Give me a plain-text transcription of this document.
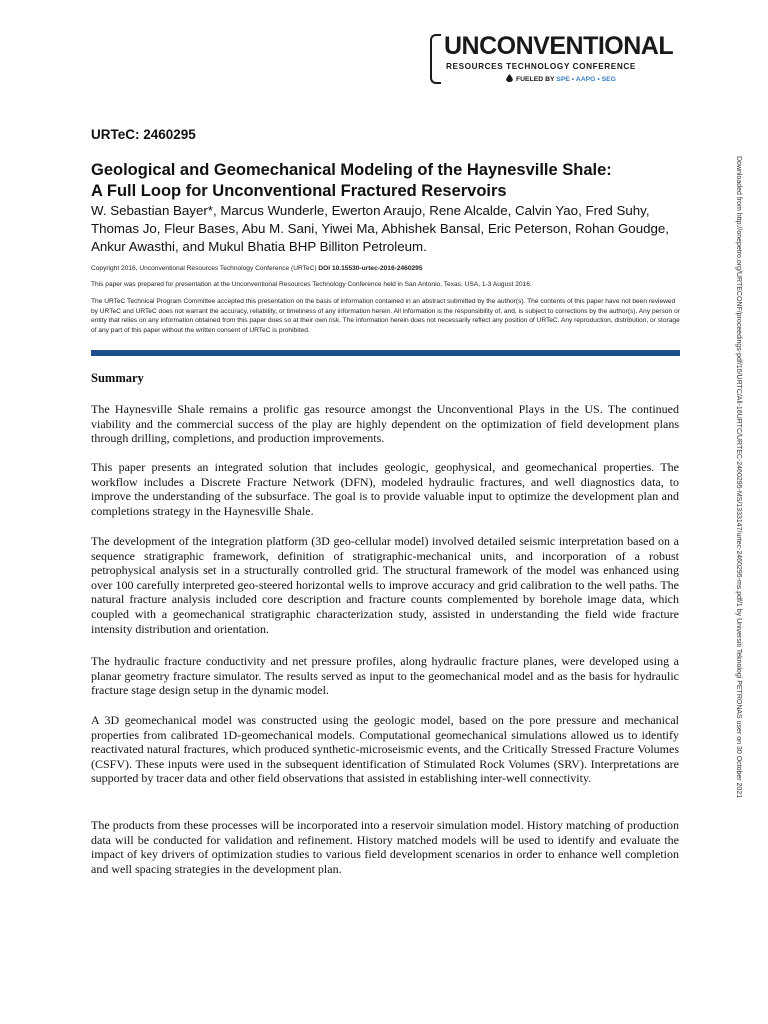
UNCONVENTIONAL
RESOURCES TECHNOLOGY CONFERENCE
FUELED BY SPE • AAPG • SEG
URTeC: 2460295
Geological and Geomechanical Modeling of the Haynesville Shale:
A Full Loop for Unconventional Fractured Reservoirs
W. Sebastian Bayer*, Marcus Wunderle, Ewerton Araujo, Rene Alcalde, Calvin Yao, Fred Suhy, Thomas Jo, Fleur Bases, Abu M. Sani, Yiwei Ma, Abhishek Bansal, Eric Peterson, Rohan Goudge, Ankur Awasthi, and Mukul Bhatia BHP Billiton Petroleum.
Copyright 2016, Unconventional Resources Technology Conference (URTeC) DOI 10.15530-urtec-2016-2460295
This paper was prepared for presentation at the Unconventional Resources Technology Conference held in San Antonio, Texas, USA, 1-3 August 2016.
The URTeC Technical Program Committee accepted this presentation on the basis of information contained in an abstract submitted by the author(s). The contents of this paper have not been reviewed by URTeC and URTeC does not warrant the accuracy, reliability, or timeliness of any information herein. All information is the responsibility of, and, is subject to corrections by the author(s). Any person or entity that relies on any information obtained from this paper does so at their own risk. The information herein does not necessarily reflect any position of URTeC. Any reproduction, distribution, or storage of any part of this paper without the written consent of URTeC is prohibited.
Summary

The Haynesville Shale remains a prolific gas resource amongst the Unconventional Plays in the US. The continued viability and the commercial success of the play are highly dependent on the optimization of field development plans through drilling, completions, and production improvements.

This paper presents an integrated solution that includes geologic, geophysical, and geomechanical properties. The workflow includes a Discrete Fracture Network (DFN), modeled hydraulic fractures, and well diagnostics data, to improve the understanding of the subsurface. The goal is to provide valuable input to optimize the development plan and completions strategy in the Haynesville Shale.

The development of the integration platform (3D geo-cellular model) involved detailed seismic interpretation based on a sequence stratigraphic framework, definition of stratigraphic-mechanical units, and incorporation of a robust petrophysical analysis set in a structurally controlled grid. The structural framework of the model was enhanced using over 100 carefully interpreted geo-steered horizontal wells to improve accuracy and grid calibration to the well paths. The natural fracture analysis included core description and fracture counts complemented by borehole image data, which coupled with a geomechanical stratigraphic characterization study, assisted in understanding the field wide fracture intensity distribution and orientation.

The hydraulic fracture conductivity and net pressure profiles, along hydraulic fracture planes, were developed using a planar geometry fracture simulator. The results served as input to the geomechanical model and as the basis for hydraulic fracture stage design setup in the dynamic model.

A 3D geomechanical model was constructed using the geologic model, based on the pore pressure and mechanical properties from calibrated 1D-geomechanical models. Computational geomechanical simulations allowed us to identify reactivated natural fractures, which produced synthetic-microseismic events, and the Critically Stressed Fracture Volumes (CSFV). These inputs were used in the subsequent identification of Stimulated Rock Volumes (SRV). Interpretations are supported by tracer data and other field observations that assisted in establishing inter-well connectivity.

The products from these processes will be incorporated into a reservoir simulation model. History matching of production data will be conducted for validation and refinement. History matched models will be used to identify and evaluate the impact of key drivers of optimization studies to various field development scenarios in order to enhance well completion and well spacing strategies in the development plan.

Downloaded from http://onepetro.org/URTECONF/proceedings-pdf/16/URTC/All-16URTC/URTEC-2460295-MS/1333147/urtec-2460295-ms.pdf/1 by Universiti Teknologi PETRONAS user on 30 October 2021
